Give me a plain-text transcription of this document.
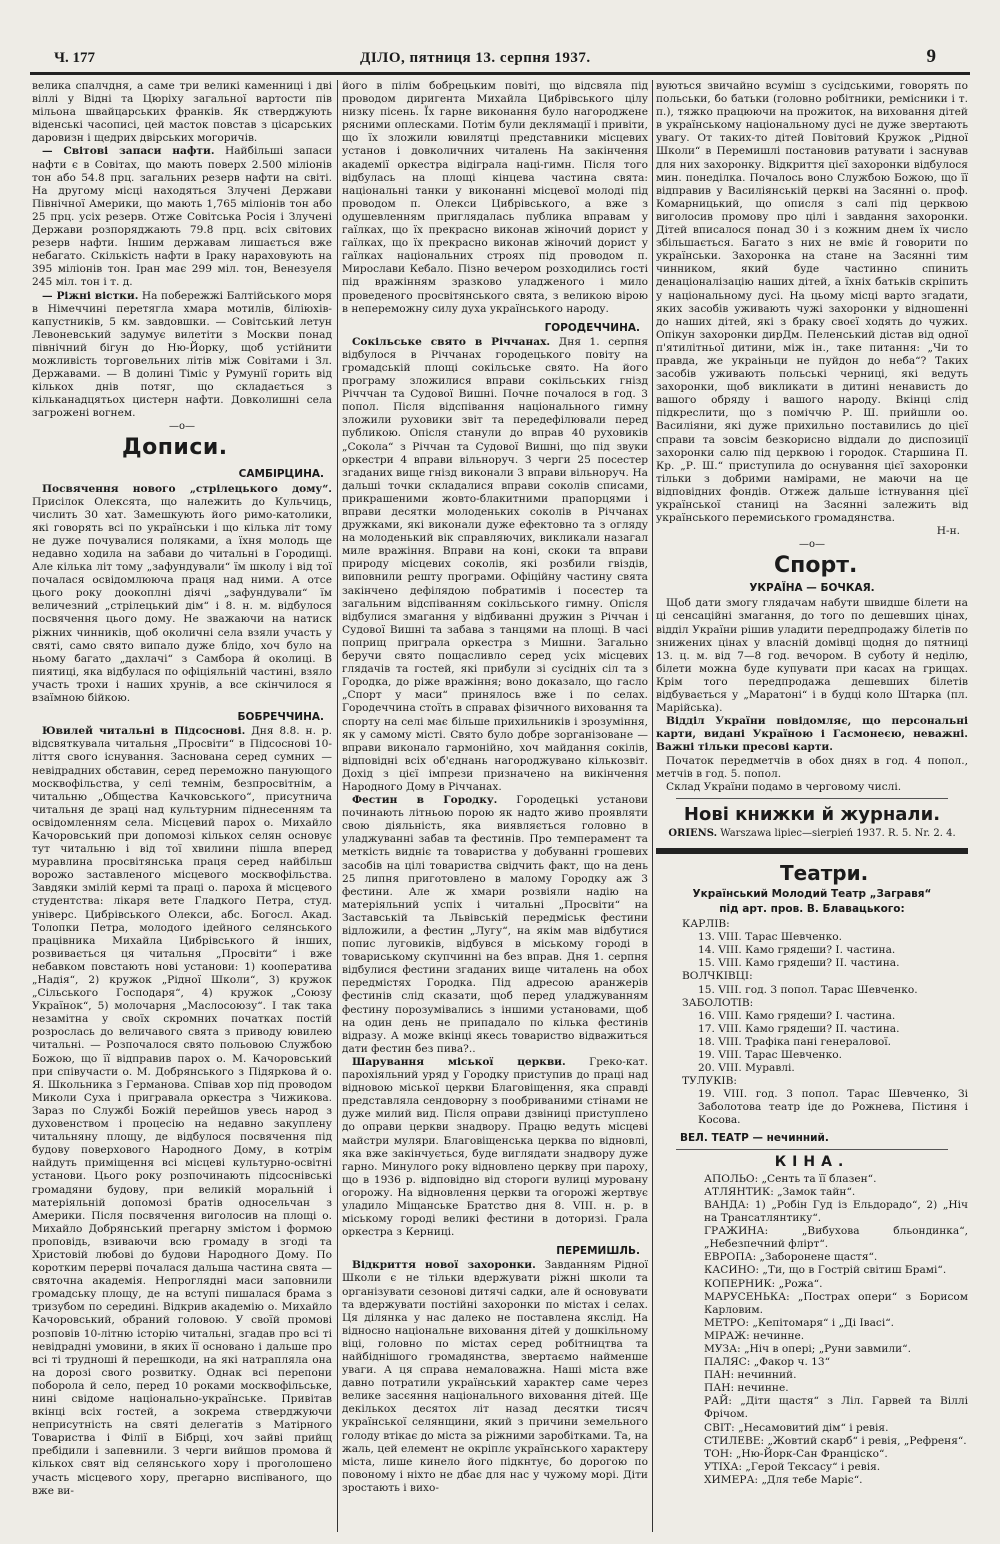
Ч. 177	ДІЛО, пятниця 13. серпня 1937.	9

велика спалчдня, а саме три великі каменниці і дві віллі у Відні та Цюріху загальної вартости пів мільона швайцарських франків. Як стверджують віденські часописі, цей масток повстав з цісарських даровизн і щедрих двірських могоричів.

— Світові запаси нафти. Найбільші запаси нафти є в Совітах, що мають поверх 2.500 міліонів тон або 54.8 прц. загальних резерв нафти на світі. На другому місці находяться Злучені Держави Північної Америки, що мають 1,765 міліонів тон або 25 прц. усіх резерв. Отже Совітська Росія і Злучені Держави розпоряджають 79.8 прц. всіх світових резерв нафти. Іншим державам лишається вже небагато. Скількість нафти в Іраку нараховують на 395 міліонів тон. Іран має 299 міл. тон, Венезуеля 245 міл. тон і т. д.

— Ріжні вістки. На побережжі Балтійського моря в Німеччині перетягла хмара мотилів, біліюхів-капустників, 5 км. завдовшки. — Совітський летун Левоневський задумує вилетіти з Москви понад північний бігун до Ню-Йорку, щоб устійнити можливість торговельних літів між Совітами і Зл. Державами. — В долині Тіміс у Румунії горить від кількох днів потяг, що складається з кільканадцятьох цистерн нафти. Довколишні села загрожені вогнем.

—o—
Дописи.
САМБІРЦИНА.

Посвячення нового „стрілецького дому“. Присілок Олексята, що належить до Кульчиць, числить 30 хат. Замешкують його римо-католики, які говорять всі по українськи і що кілька літ тому не дуже почувалися поляками, а їхня молодь ще недавно ходила на забави до читальні в Городищі. Але кілька літ тому „зафундували“ їм школу і від тої почалася освідомлююча праця над ними. А отсе цього року доокоплні діячі „зафундували“ їм величезний „стрілецький дім“ і 8. н. м. відбулося посвячення цього дому. Не зважаючи на натиск ріжних чинників, щоб околичні села взяли участь у святі, само свято випало дуже блідо, хоч було на ньому багато „дахлачі“ з Самбора й околиці. В пиятиці, яка відбулася по офіціяльній частині, взяло участь трохи і наших хрунів, а все скінчилося я взаїмною бійкою.

БОБРЕЧЧИНА.

Ювилей читальні в Підсоснові. Дня 8.8. н. р. відсвяткувала читальня „Просвіти“ в Підсоснові 10-ліття свого існування. Заснована серед сумних — невідрадних обставин, серед переможно панующого москвофільства, у селі темнім, безпросвітнім, а читальню „Общества Качковського“, присутнича читальня де зраці над культурним піднесенням та освідомленням села. Місцевий парох о. Михайло Качоровський при допомозі кількох селян основує тут читальню і від тої хвилини пішла вперед муравлина просвітянська праця серед найбільш ворожо заставленого місцевого москвофільства. Завдяки змілій кермі та праці о. пароха й місцевого студентства: лікаря вете Гладкого Петра, студ. універс. Цибрівського Олекси, абс. Богосл. Акад. Толопки Петра, молодого ідейного селянського працівника Михайла Цибрівського й інших, розвивається ця читальня „Просвіти“ і вже небавком повстають нові установи: 1) кооператива „Надія“, 2) кружок „Рідної Школи“, 3) кружок „Сільського Господаря“, 4) кружок „Союзу Українок“, 5) молочарня „Маслосоюзу“. І так така незамітна у своїх скромних початках постій розрослась до величавого свята з приводу ювилею читальні. — Розпочалося свято польовою Службою Божою, що її відправив парох о. М. Качоровський при співучасти о. М. Добрянського з Підяркова й о. Я. Школьника з Германова. Співав хор під проводом Миколи Суха і пригравала оркестра з Чижикова. Зараз по Службі Божій перейшов увесь народ з духовенством і процесію на недавно закуплену читальняну площу, де відбулося посвячення під будову поверхового Народного Дому, в котрім найдуть приміщення всі місцеві культурно-освітні установи. Цього року розпочинають підсоснівські громадяни будову, при великій моральній і матеріяльній допомозі братів односельчан з Америки. Після посвячення виголосив на площі о. Михайло Добрянський прегарну змістом і формою проповідь, взиваючи всю громаду в згоді та Христовій любові до будови Народного Дому. По коротким перерві почалася дальша частина свята — святочна академія. Непроглядні маси заповнили громадську площу, де на вступі пишалася брама з тризубом по середині. Відкрив академію о. Михайло Качоровський, обраний головою. У своїй промові розповів 10-літню історію читальні, згадав про всі ті невідрадні умовини, в яких її основано і дальше про всі ті трудноші й перешкоди, на які натрапляла она на дорозі свого розвитку. Однак всі перепони поборола й село, перед 10 роками москвофільське, нині свідоме національно-українське. Привітав вкінці всіх гостей, а зокрема стверджуючи неприсутність на святі делегатів з Матірного Товариства і Філії в Бібрці, хоч зайві прийщ пребідили і запевнили. З черги вийшов промова й кількох свят від селянського хору і проголошено участь місцевого хору, прегарно виспіваного, що вже ви-

його в пілім бобрецьким повіті, що відсвяла під проводом диригента Михайла Цибрівського цілу низку пісень. Їх гарне виконання було нагороджене рясними оплесками. Потім були деклямації і привіти, що їх зложили ювилятці представники місцевих установ і довколичних читалень На закінчення академії оркестра відіграла наці-гимн. Після того відбулась на площі кінцева частина свята: національні танки у виконанні місцевої молоді під проводом п. Олекси Цибрівського, а вже з одушевленням приглядалась публика вправам у гаїлках, що їх прекрасно виконав жіночий дорист у гаїлках, що їх прекрасно виконав жіночий дорист у гаїлках національних строях під проводом п. Мирослави Кебало. Пізно вечером розходились гості під вражінням зразково уладженого і мило проведеного просвітянського свята, з великою вірою в непереможну силу духа українського народу.

ГОРОДЕЧЧИНА.

Сокільське свято в Річчанах. Дня 1. серпня відбулося в Річчанах городецького повіту на громадській площі сокільське свято. На його програму зложилися вправи сокільських гнізд Річччан та Судової Вишні. Почне почалося в год. 3 попол. Після відспівання національного гимну зложили руховики звіт та передефілювали перед публикою. Опісля станули до вправ 40 руховиків „Сокола“ з Річчан та Судової Вишні, що під звуки оркестри 4 вправи вільноруч. З черги 25 посестер згаданих вище гнізд виконали 3 вправи вільноруч. На дальші точки складалися вправи соколів списами, прикрашеними жовто-блакитними прапорцями і вправи десятки молоденьких соколів в Річчанах дружками, які виконали дуже ефектовно та з огляду на молоденький вік справляючих, викликали назагал миле вражіння. Вправи на коні, скоки та вправи природу місцевих соколів, які розбили гвіздів, виповнили решту програми. Офіційну частину свята закінчено дефілядою побратимів і посестер та загальним відспіванням сокільського гимну. Опісля відбулися змагання у відбиванні дружин з Річчан і Судової Вишні та забава з танцями на площі. В часі поприщ приграла оркестра з Мишни. Загально беручи свято пощасливло серед усіх місцевих глядачів та гостей, які прибули зі сусідніх сіл та з Городка, до ріже вражіння; воно доказало, що гасло „Спорт у маси“ принялось вже і по селах. Городеччина стоїть в справах фізичного виховання та спорту на селі має більше прихильників і зрозуміння, як у самому місті. Свято було добре зорганізоване — вправи виконало гармонійно, хоч майдання сокілів, відповідні всіх об'єднань нагороджувано кількозвіт. Дохід з цієї імпрези призначено на викінчення Народного Дому в Річчанах.

Фестин в Городку. Городецькі установи починають літньою порою як надто живо проявляти свою діяльність, яка виявляється головно в уладжуванні забав та фестинів. Про темперамент та меткість видніє та товариства у добуванні грошевих засобів на цілі товариства свідчить факт, що на день 25 липня приготовлено в малому Городку аж 3 фестини. Але ж хмари розвіяли надію на матеріяльний успіх і читальні „Просвіти“ на Заставській та Львівській передміськ фестини відложили, а фестин „Лугу“, на якім мав відбутися попис луговиків, відбувся в міському городі в товариському скупчинні на без вправ. Дня 1. серпня відбулися фестини згаданих вище читалень на обох передмістях Городка. Під адресою аранжерів фестинів слід сказати, щоб перед уладжуванням фестину порозумівались з іншими установами, щоб на один день не припадало по кілька фестинів відразу. А може вкінці якесь товариство відважиться дати фестин без пива?..

Шарування міської церкви. Греко-кат. парохіяльний уряд у Городку приступив до праці над відновою міської церкви Благовіщення, яка справді представляла сендоворну з пообриваними стінами не дуже милий вид. Після оправи дзвіниці приступлено до оправи церкви знадвору. Працю ведуть місцеві майстри муляри. Благовіщенська церква по відновлі, яка вже закінчується, буде виглядати знадвору дуже гарно. Минулого року відновлено церкву при пароху, що в 1936 р. відповідно від стороги вулиці муровану огорожу. На відновлення церкви та огорожі жертвує уладило Міщанське Братство дня 8. VIII. н. р. в міському городі великі фестини в доторизі. Грала оркестра з Керниці.

ПЕРЕМИШЛЬ.

Відкриття нової захоронки. Завданням Рідної Школи є не тільки вдержувати ріжні школи та організувати сезонові дитячі садки, але й основувати та вдержувати постійні захоронки по містах і селах. Ця ділянка у нас далеко не поставлена якслід. На відносно національне виховання дітей у дошкільному віці, головно по містах серед робітництва та найбіднішого громадянства, звертаємо найменше уваги. А ця справа немаловажна. Наші міста вже давно потратили український характер саме через велике засєяння національного виховання дітей. Ще декількох десятох літ назад десятки тисяч української селянщини, який з причини земельного голоду втікає до міста за ріжними заробітками. Та, на жаль, цей елемент не окріплє українського характеру міста, лише кинело його підкнтує, бо дорогою по повоному і ніхто не дбає для нас у чужому морі. Діти зростають і вихо-

вуються звичайно всуміш з сусідськими, говорять по польськи, бо батьки (головно робітники, ремісники і т. п.), тяжко працюючи на прожиток, на виховання дітей в українському національному дусі не дуже звертають увагу. От таких-то дітей Повітовий Кружок „Рідної Школи“ в Перемишлі постановив ратувати і заснував для них захоронку. Відкриття цієї захоронки відбулося мин. понеділка. Почалось воно Службою Божою, що її відправив у Василіянській церкві на Засянні о. проф. Комарницький, що описля з салі під церквою виголосив промову про цілі і завдання захоронки. Дітей вписалося понад 30 і з кожним днем їх число збільшається. Багато з них не вміє й говорити по українськи. Захоронка на стане на Засянні тим чинником, який буде частинно спинить денаціоналізацію наших дітей, а їхніх батьків скріпить у національному дусі. На цьому місці варто згадати, яких засобів уживають чужі захоронки у відношенні до наших дітей, які з браку своєї ходять до чужих. Опікун захоронки дирДм. Пеленський дістав від одної п'ятилітньої дитини, між ін., таке питання: „Чи то правда, же украіньци не пуйдон до неба“? Таких засобів уживають польські черниці, які ведуть захоронки, щоб викликати в дитині ненависть до вашого обряду і вашого народу. Вкінці слід підкреслити, що з поміччю Р. Ш. прийшли оо. Василіяни, які дуже прихильно поставились до цієї справи та зовсім безкорисно віддали до диспозиції захоронки салю під церквою і городок. Старшина П. Кр. „Р. Ш.“ приступила до оснування цієї захоронки тільки з добрими намірами, не маючи на це відповідних фондів. Отжеж дальше істнування цієї української станиці на Засянні залежить від українського перемиського громадянства.

Н-н.
—o—
Спорт.
УКРАЇНА — БОЧКАЯ.

Щоб дати змогу глядачам набути швидше білети на ці сенсаційні змагання, до того по дешевших цінах, відділ України рішив уладити передпродажу білетів по знижених цінах у власній домівці щодня до пятниці 13. ц. м. від 7—8 год. вечором. В суботу й неділю, білети можна буде купувати при касах на грищах. Крім того передпродажа дешевших білетів відбувається у „Маратоні“ і в будці коло Штарка (пл. Марійська).

Відділ України повідомляє, що персональні карти, видані Україною і Гасмонеєю, неважні. Важні тільки пресові карти.

Початок передметчів в обох днях в год. 4 попол., метчів в год. 5. попол.

Склад України подамо в черговому числі.

Нові книжки й журнали.
ORIENS. Warszawa lipiec—sierpień 1937. R. 5. Nr. 2. 4.
Театри.
Український Молодий Театр „Загравя“
під арт. пров. В. Блавацького:
КАРЛІВ:
13. VIII. Тарас Шевченко.
14. VIII. Камо грядеши? I. частина.
15. VIII. Камо грядеши? II. частина.
ВОЛЧКІВЦІ:
15. VIII. год. 3 попол. Тарас Шевченко.
ЗАБОЛОТІВ:
16. VIII. Камо грядеши? I. частина.
17. VIII. Камо грядеши? II. частина.
18. VIII. Трафіка пані генералової.
19. VIII. Тарас Шевченко.
20. VIII. Муравлі.
ТУЛУКІВ:
19. VIII. год. 3 попол. Тарас Шевченко, Зі Заболотова театр іде до Рожнева, Пістиня і Косова.
ВЕЛ. ТЕАТР — нечинний.
КІНА.
АПОЛЬО: „Сенть та її блазен“.
АТЛЯНТИК: „Замок тайн“.
ВАНДА: 1) „Робін Гуд із Ельдорадо“, 2) „Ніч на Трансатлянтику“.
ГРАЖИНА: „Вибухова бльондинка“, „Небезпечний флірт“.
ЕВРОПА: „Заборонене щастя“.
КАСИНО: „Ти, що в Гострій світиш Брамі“.
КОПЕРНИК: „Рожа“.
МАРУСЕНЬКА: „Пострах опери“ з Борисом Карловим.
МЕТРО: „Кепітомаря“ і „Ді Івасі“.
МІРАЖ: нечинне.
МУЗА: „Ніч в опері; „Руни завмили“.
ПАЛЯС: „Факор ч. 13“
ПАН: нечинний.
ПАН: нечинне.
РАЙ: „Діти щастя“ з Ліл. Гарвей та Віллі Фрічом.
СВІТ: „Несамовитий дім“ і ревія.
СТИЛЕВЕ: „Жовтий скарб“ і ревія, „Рефреня“.
ТОН: „Ню-Йорк-Сан Франціско“.
УТІХА: „Герой Тексасу“ і ревія.
ХИМЕРА: „Для тебе Маріє“.
